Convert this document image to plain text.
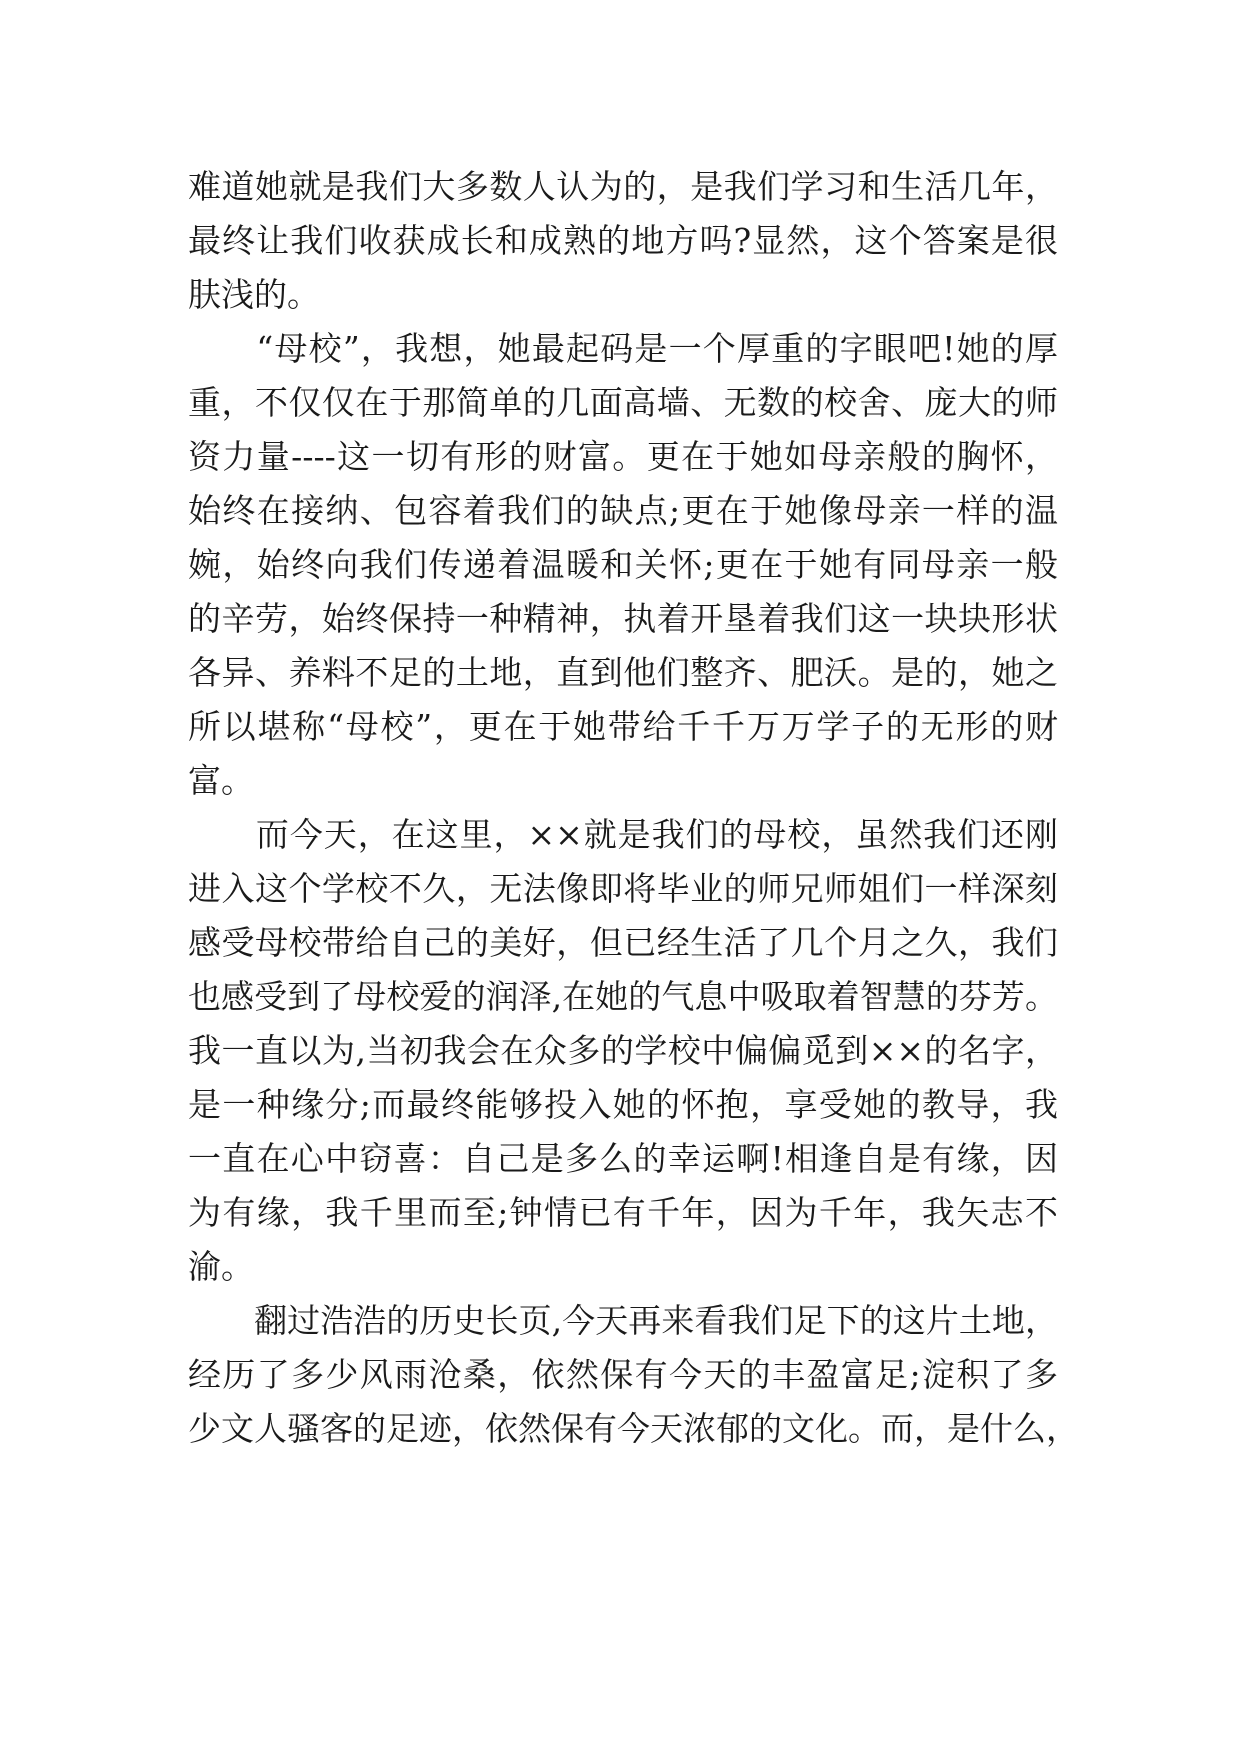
难道她就是我们大多数人认为的，是我们学习和生活几年，
最终让我们收获成长和成熟的地方吗?显然，这个答案是很
肤浅的。
　　“母校”，我想，她最起码是一个厚重的字眼吧!她的厚
重，不仅仅在于那简单的几面高墙、无数的校舍、庞大的师
资力量----这一切有形的财富。更在于她如母亲般的胸怀，
始终在接纳、包容着我们的缺点;更在于她像母亲一样的温
婉，始终向我们传递着温暖和关怀;更在于她有同母亲一般
的辛劳，始终保持一种精神，执着开垦着我们这一块块形状
各异、养料不足的土地，直到他们整齐、肥沃。是的，她之
所以堪称“母校”，更在于她带给千千万万学子的无形的财
富。
　　而今天，在这里，××就是我们的母校，虽然我们还刚
进入这个学校不久，无法像即将毕业的师兄师姐们一样深刻
感受母校带给自己的美好，但已经生活了几个月之久，我们
也感受到了母校爱的润泽,在她的气息中吸取着智慧的芬芳。
我一直以为,当初我会在众多的学校中偏偏觅到××的名字，
是一种缘分;而最终能够投入她的怀抱，享受她的教导，我
一直在心中窃喜：自己是多么的幸运啊!相逢自是有缘，因
为有缘，我千里而至;钟情已有千年，因为千年，我矢志不
渝。
　　翻过浩浩的历史长页,今天再来看我们足下的这片土地，
经历了多少风雨沧桑，依然保有今天的丰盈富足;淀积了多
少文人骚客的足迹，依然保有今天浓郁的文化。而，是什么，
